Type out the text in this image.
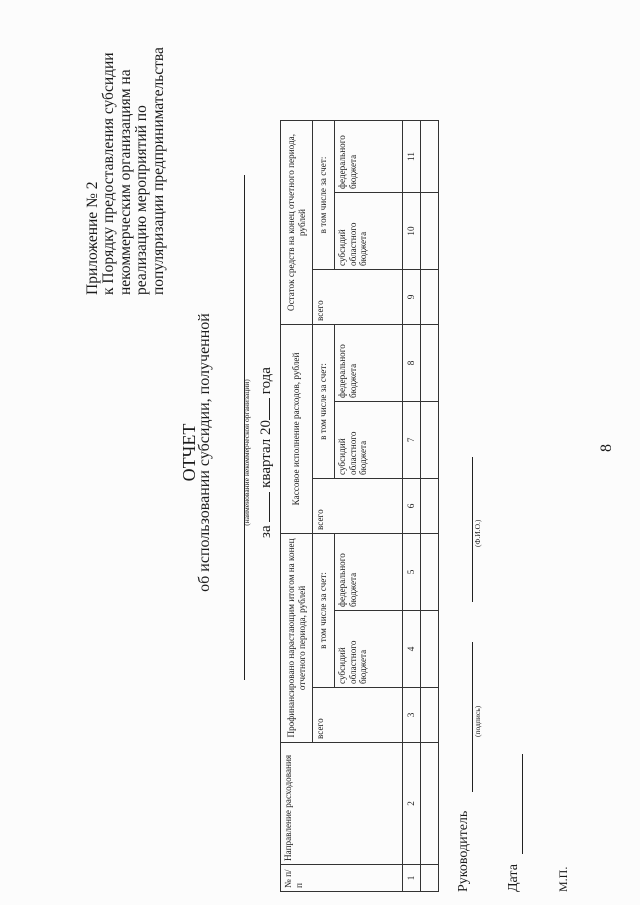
8
Приложение № 2 к Порядку предоставления субсидии некоммерческим организациям на реализацию мероприятий по популяризации предпринимательства
ОТЧЕТ
об использовании субсидии, полученной	(наименование некоммерческой организации)
за  квартал 20 года
№ п/п	Направление расходования	Профинансировано нарастающим итогом на конец отчетного периода, рублей			Кассовое исполнение расходов, рублей			Остаток средств на конец отчетного периода, рублей		
		всего	в том числе за счет:		всего	в том числе за счет:		всего	в том числе за счет:	
			субсидий областного бюджета	федерального бюджета		субсидий областного бюджета	федерального бюджета		субсидий областного бюджета	федерального бюджета
1	2	3	4	5	6	7	8	9	10	11

Руководитель
(подпись)
(Ф.И.О.)
Дата	М.П.
